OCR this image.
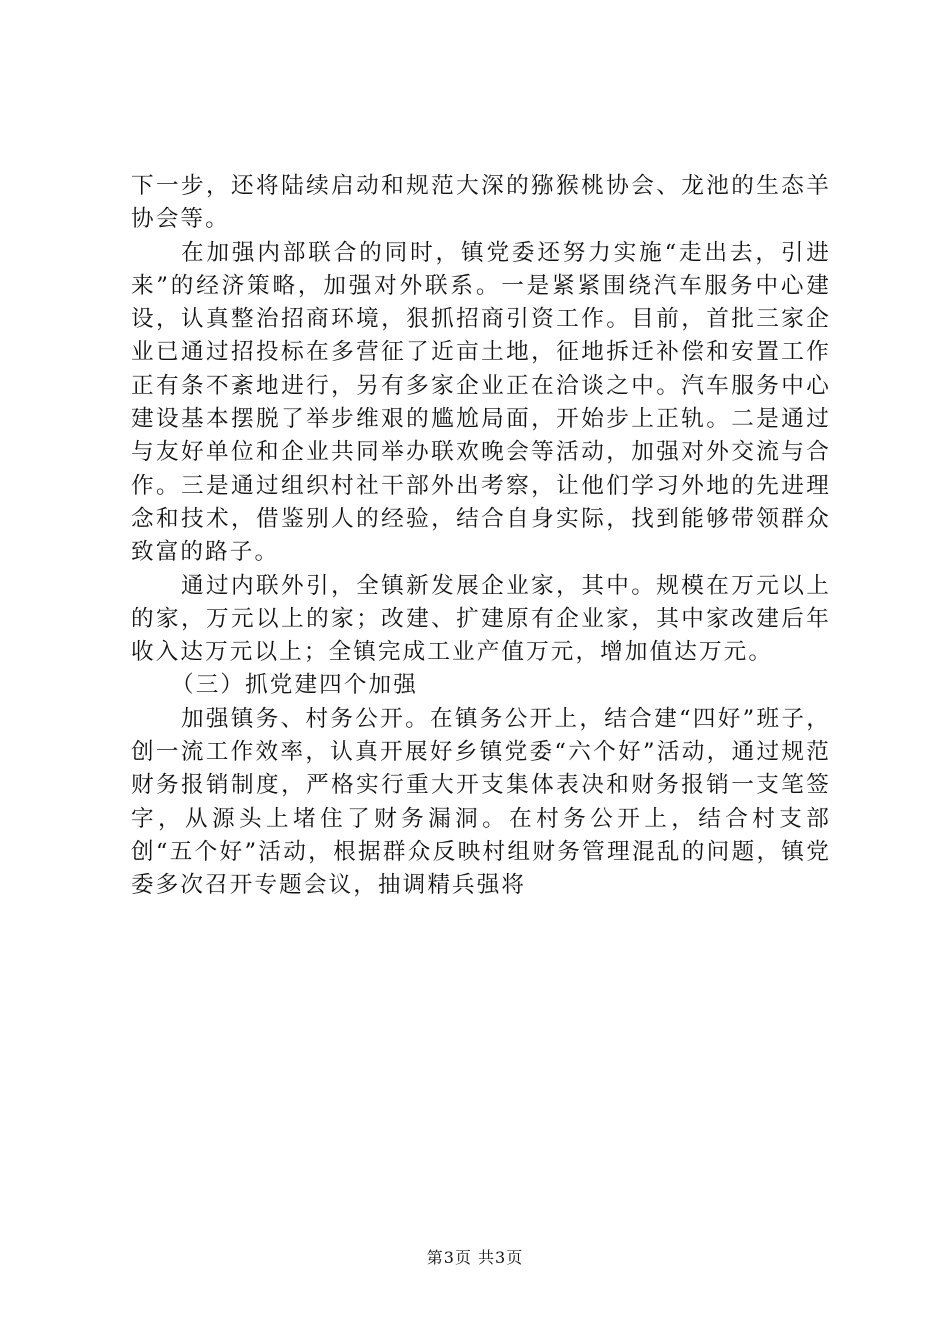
下一步，还将陆续启动和规范大深的猕猴桃协会、龙池的生态羊协会等。

在加强内部联合的同时，镇党委还努力实施“走出去，引进来”的经济策略，加强对外联系。一是紧紧围绕汽车服务中心建设，认真整治招商环境，狠抓招商引资工作。目前，首批三家企业已通过招投标在多营征了近亩土地，征地拆迁补偿和安置工作正有条不紊地进行，另有多家企业正在洽谈之中。汽车服务中心建设基本摆脱了举步维艰的尴尬局面，开始步上正轨。二是通过与友好单位和企业共同举办联欢晚会等活动，加强对外交流与合作。三是通过组织村社干部外出考察，让他们学习外地的先进理念和技术，借鉴别人的经验，结合自身实际，找到能够带领群众致富的路子。

通过内联外引，全镇新发展企业家，其中。规模在万元以上的家，万元以上的家；改建、扩建原有企业家，其中家改建后年收入达万元以上；全镇完成工业产值万元，增加值达万元。

（三）抓党建四个加强

加强镇务、村务公开。在镇务公开上，结合建“四好”班子，创一流工作效率，认真开展好乡镇党委“六个好”活动，通过规范财务报销制度，严格实行重大开支集体表决和财务报销一支笔签字，从源头上堵住了财务漏洞。在村务公开上，结合村支部创“五个好”活动，根据群众反映村组财务管理混乱的问题，镇党委多次召开专题会议，抽调精兵强将

第3页 共3页
